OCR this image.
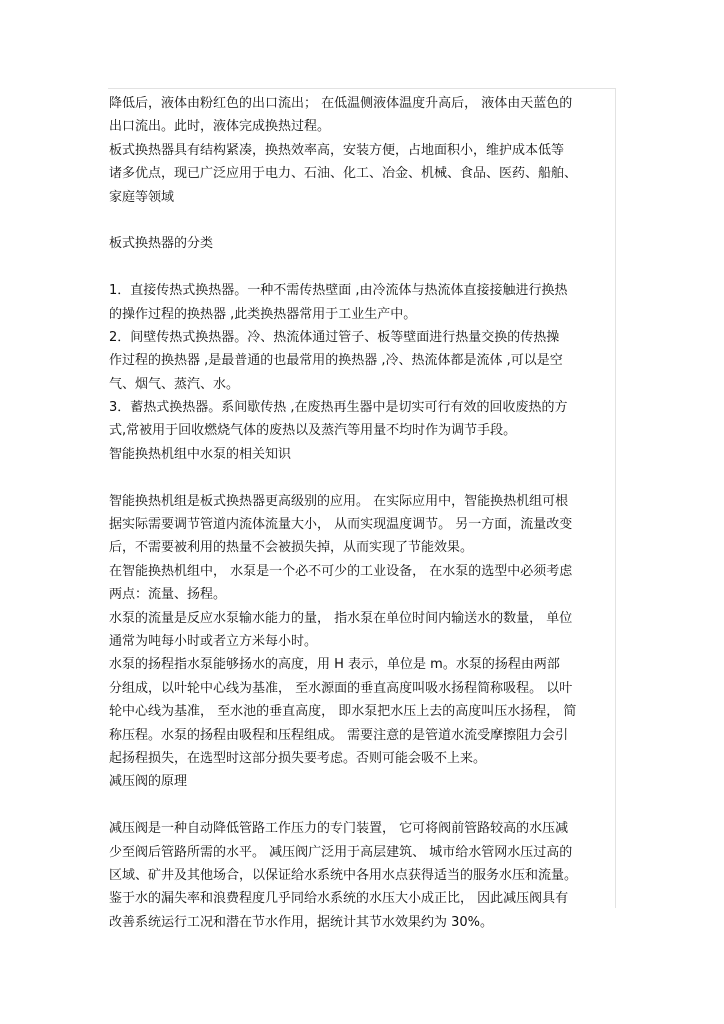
降低后，液体由粉红色的出口流出； 在低温侧液体温度升高后， 液体由天蓝色的
出口流出。此时，液体完成换热过程。
板式换热器具有结构紧凑，换热效率高，安装方便，占地面积小，维护成本低等
诸多优点，现已广泛应用于电力、石油、化工、冶金、机械、食品、医药、船舶、
家庭等领域
板式换热器的分类
1．直接传热式换热器。一种不需传热壁面 ,由冷流体与热流体直接接触进行换热
的操作过程的换热器 ,此类换热器常用于工业生产中。
2．间壁传热式换热器。冷、热流体通过管子、板等壁面进行热量交换的传热操
作过程的换热器 ,是最普通的也最常用的换热器 ,冷、热流体都是流体 ,可以是空
气、烟气、蒸汽、水。
3．蓄热式换热器。系间歇传热 ,在废热再生器中是切实可行有效的回收废热的方
式,常被用于回收燃烧气体的废热以及蒸汽等用量不均时作为调节手段。
智能换热机组中水泵的相关知识
智能换热机组是板式换热器更高级别的应用。 在实际应用中，智能换热机组可根
据实际需要调节管道内流体流量大小， 从而实现温度调节。 另一方面，流量改变
后，不需要被利用的热量不会被损失掉，从而实现了节能效果。
在智能换热机组中， 水泵是一个必不可少的工业设备， 在水泵的选型中必须考虑
两点：流量、扬程。
水泵的流量是反应水泵输水能力的量， 指水泵在单位时间内输送水的数量， 单位
通常为吨每小时或者立方米每小时。
水泵的扬程指水泵能够扬水的高度，用 H 表示，单位是 m。水泵的扬程由两部
分组成，以叶轮中心线为基准， 至水源面的垂直高度叫吸水扬程简称吸程。 以叶
轮中心线为基准， 至水池的垂直高度， 即水泵把水压上去的高度叫压水扬程， 简
称压程。水泵的扬程由吸程和压程组成。 需要注意的是管道水流受摩擦阻力会引
起扬程损失，在选型时这部分损失要考虑。否则可能会吸不上来。
减压阀的原理
减压阀是一种自动降低管路工作压力的专门装置， 它可将阀前管路较高的水压减
少至阀后管路所需的水平。 减压阀广泛用于高层建筑、 城市给水管网水压过高的
区域、矿井及其他场合，以保证给水系统中各用水点获得适当的服务水压和流量。
鉴于水的漏失率和浪费程度几乎同给水系统的水压大小成正比， 因此减压阀具有
改善系统运行工况和潜在节水作用，据统计其节水效果约为 30%。
